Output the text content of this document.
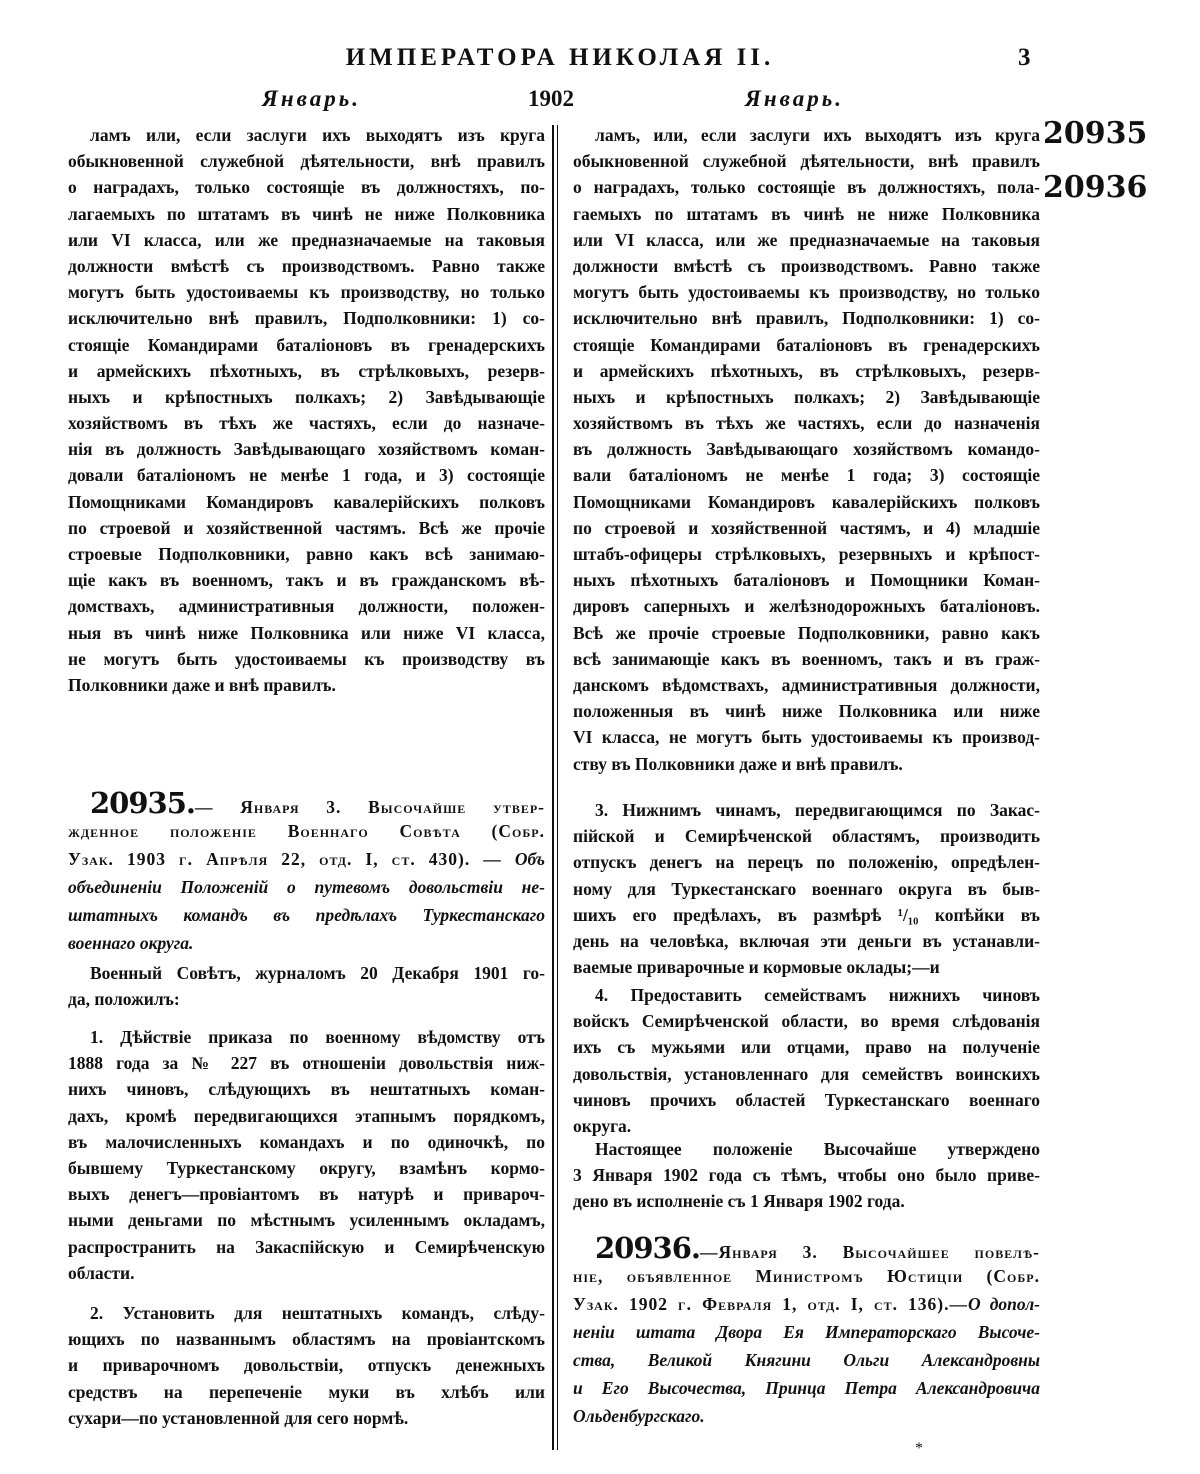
ИМПЕРАТОРА НИКОЛАЯ II.	3
Январь.	1902	Январь.
20935
20936
ламъ или, если заслуги ихъ выходятъ изъ круга
обыкновенной служебной дѣятельности, внѣ правилъ
о наградахъ, только состоящіе въ должностяхъ, по-
лагаемыхъ по штатамъ въ чинѣ не ниже Полковника
или VI класса, или же предназначаемые на таковыя
должности вмѣстѣ съ производствомъ. Равно также
могутъ быть удостоиваемы къ производству, но только
исключительно внѣ правилъ, Подполковники: 1) со-
стоящіе Командирами баталіоновъ въ гренадерскихъ
и армейскихъ пѣхотныхъ, въ стрѣлковыхъ, резерв-
ныхъ и крѣпостныхъ полкахъ; 2) Завѣдывающіе
хозяйствомъ въ тѣхъ же частяхъ, если до назначе-
нія въ должность Завѣдывающаго хозяйствомъ коман-
довали баталіономъ не менѣе 1 года, и 3) состоящіе
Помощниками Командировъ кавалерійскихъ полковъ
по строевой и хозяйственной частямъ. Всѣ же прочіе
строевые Подполковники, равно какъ всѣ занимаю-
щіе какъ въ военномъ, такъ и въ гражданскомъ вѣ-
домствахъ, административныя должности, положен-
ныя въ чинѣ ниже Полковника или ниже VI класса,
не могутъ быть удостоиваемы къ производству въ
Полковники даже и внѣ правилъ.
ламъ, или, если заслуги ихъ выходятъ изъ круга
обыкновенной служебной дѣятельности, внѣ правилъ
о наградахъ, только состоящіе въ должностяхъ, пола-
гаемыхъ по штатамъ въ чинѣ не ниже Полковника
или VI класса, или же предназначаемые на таковыя
должности вмѣстѣ съ производствомъ. Равно также
могутъ быть удостоиваемы къ производству, но только
исключительно внѣ правилъ, Подполковники: 1) со-
стоящіе Командирами баталіоновъ въ гренадерскихъ
и армейскихъ пѣхотныхъ, въ стрѣлковыхъ, резерв-
ныхъ и крѣпостныхъ полкахъ; 2) Завѣдывающіе
хозяйствомъ въ тѣхъ же частяхъ, если до назначенія
въ должность Завѣдывающаго хозяйствомъ командо-
вали баталіономъ не менѣе 1 года; 3) состоящіе
Помощниками Командировъ кавалерійскихъ полковъ
по строевой и хозяйственной частямъ, и 4) младшіе
штабъ-офицеры стрѣлковыхъ, резервныхъ и крѣпост-
ныхъ пѣхотныхъ баталіоновъ и Помощники Коман-
дировъ саперныхъ и желѣзнодорожныхъ баталіоновъ.
Всѣ же прочіе строевые Подполковники, равно какъ
всѣ занимающіе какъ въ военномъ, такъ и въ граж-
данскомъ вѣдомствахъ, административныя должности,
положенныя въ чинѣ ниже Полковника или ниже
VI класса, не могутъ быть удостоиваемы къ производ-
ству въ Полковники даже и внѣ правилъ.
20935.— Января 3. Высочайше утвер-
жденное положеніе Военнаго Совѣта (Собр.
Узак. 1903 г. Апрѣля 22, отд. I, ст. 430). — Объ
объединеніи Положеній о путевомъ довольствіи не-
штатныхъ командъ въ предѣлахъ Туркестанскаго
военнаго округа.
Военный Совѣтъ, журналомъ 20 Декабря 1901 го-
да, положилъ:
1. Дѣйствіе приказа по военному вѣдомству отъ
1888 года за № 227 въ отношеніи довольствія ниж-
нихъ чиновъ, слѣдующихъ въ нештатныхъ коман-
дахъ, кромѣ передвигающихся этапнымъ порядкомъ,
въ малочисленныхъ командахъ и по одиночкѣ, по
бывшему Туркестанскому округу, взамѣнъ кормо-
выхъ денегъ—провіантомъ въ натурѣ и привароч-
ными деньгами по мѣстнымъ усиленнымъ окладамъ,
распространить на Закаспійскую и Семирѣченскую
области.
2. Установить для нештатныхъ командъ, слѣду-
ющихъ по названнымъ областямъ на провіантскомъ
и приварочномъ довольствіи, отпускъ денежныхъ
средствъ на перепеченіе муки въ хлѣбъ или
сухари—по установленной для сего нормѣ.
3. Нижнимъ чинамъ, передвигающимся по Закас-
пійской и Семирѣченской областямъ, производить
отпускъ денегъ на перецъ по положенію, опредѣлен-
ному для Туркестанскаго военнаго округа въ быв-
шихъ его предѣлахъ, въ размѣрѣ ¹/₁₀ копѣйки въ
день на человѣка, включая эти деньги въ устанавли-
ваемые приварочные и кормовые оклады;—и
4. Предоставить семействамъ нижнихъ чиновъ
войскъ Семирѣченской области, во время слѣдованія
ихъ съ мужьями или отцами, право на полученіе
довольствія, установленнаго для семействъ воинскихъ
чиновъ прочихъ областей Туркестанскаго военнаго
округа.
Настоящее положеніе Высочайше утверждено
3 Января 1902 года съ тѣмъ, чтобы оно было приве-
дено въ исполненіе съ 1 Января 1902 года.
20936.—Января 3. Высочайшее повелѣ-
ніе, объявленное Министромъ Юстиціи (Собр.
Узак. 1902 г. Февраля 1, отд. I, ст. 136).—О допол-
неніи штата Двора Ея Императорскаго Высоче-
ства, Великой Княгини Ольги Александровны
и Его Высочества, Принца Петра Александровича
Ольденбургскаго.
*
